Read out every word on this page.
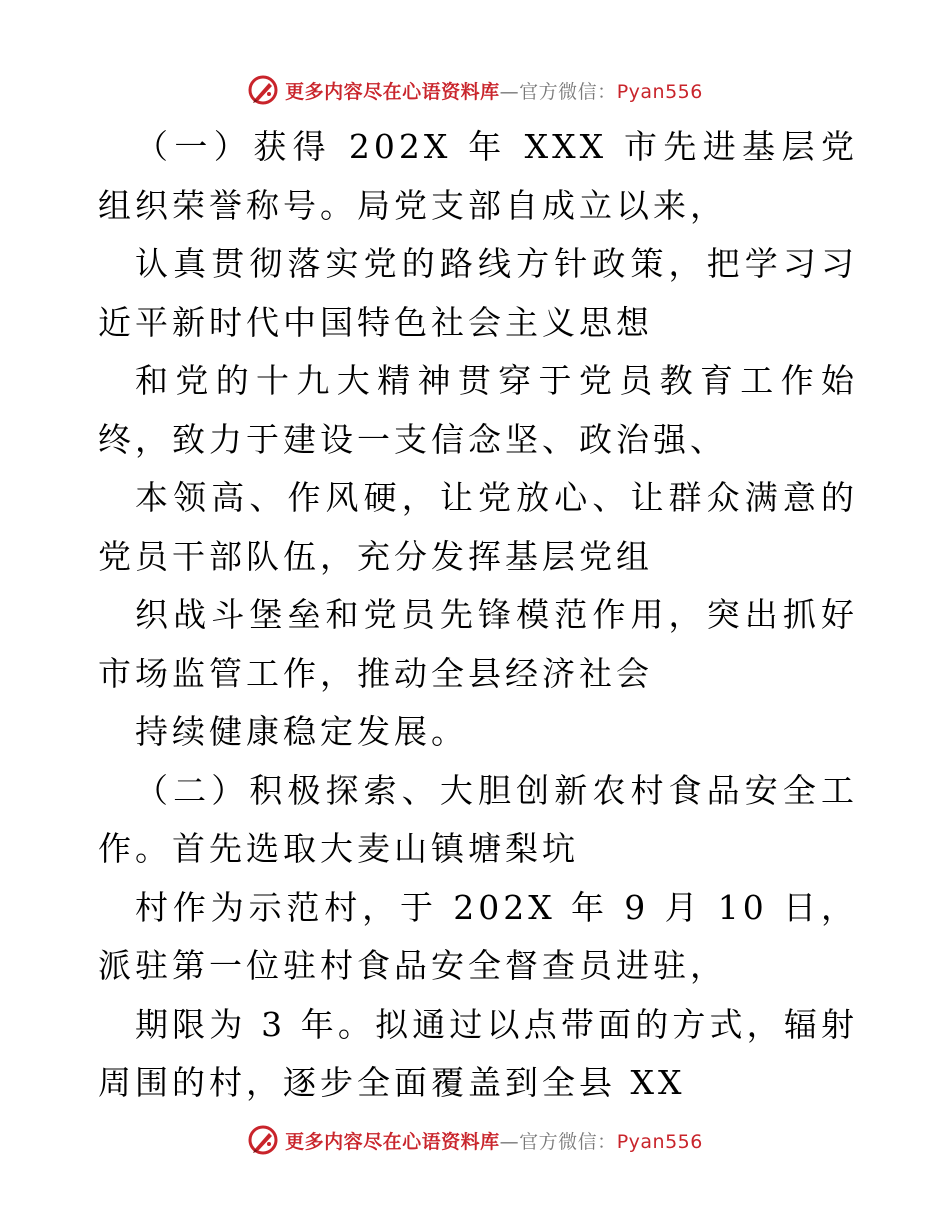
更多内容尽在心语资料库—官方微信：Pyan556

（一）获得 202X 年 XXX 市先进基层党组织荣誉称号。局党支部自成立以来，

认真贯彻落实党的路线方针政策，把学习习近平新时代中国特色社会主义思想

和党的十九大精神贯穿于党员教育工作始终，致力于建设一支信念坚、政治强、

本领高、作风硬，让党放心、让群众满意的党员干部队伍，充分发挥基层党组

织战斗堡垒和党员先锋模范作用，突出抓好市场监管工作，推动全县经济社会

持续健康稳定发展。

（二）积极探索、大胆创新农村食品安全工作。首先选取大麦山镇塘梨坑

村作为示范村，于 202X 年 9 月 10 日，派驻第一位驻村食品安全督查员进驻，

期限为 3 年。拟通过以点带面的方式，辐射周围的村，逐步全面覆盖到全县 XX

更多内容尽在心语资料库—官方微信：Pyan556
